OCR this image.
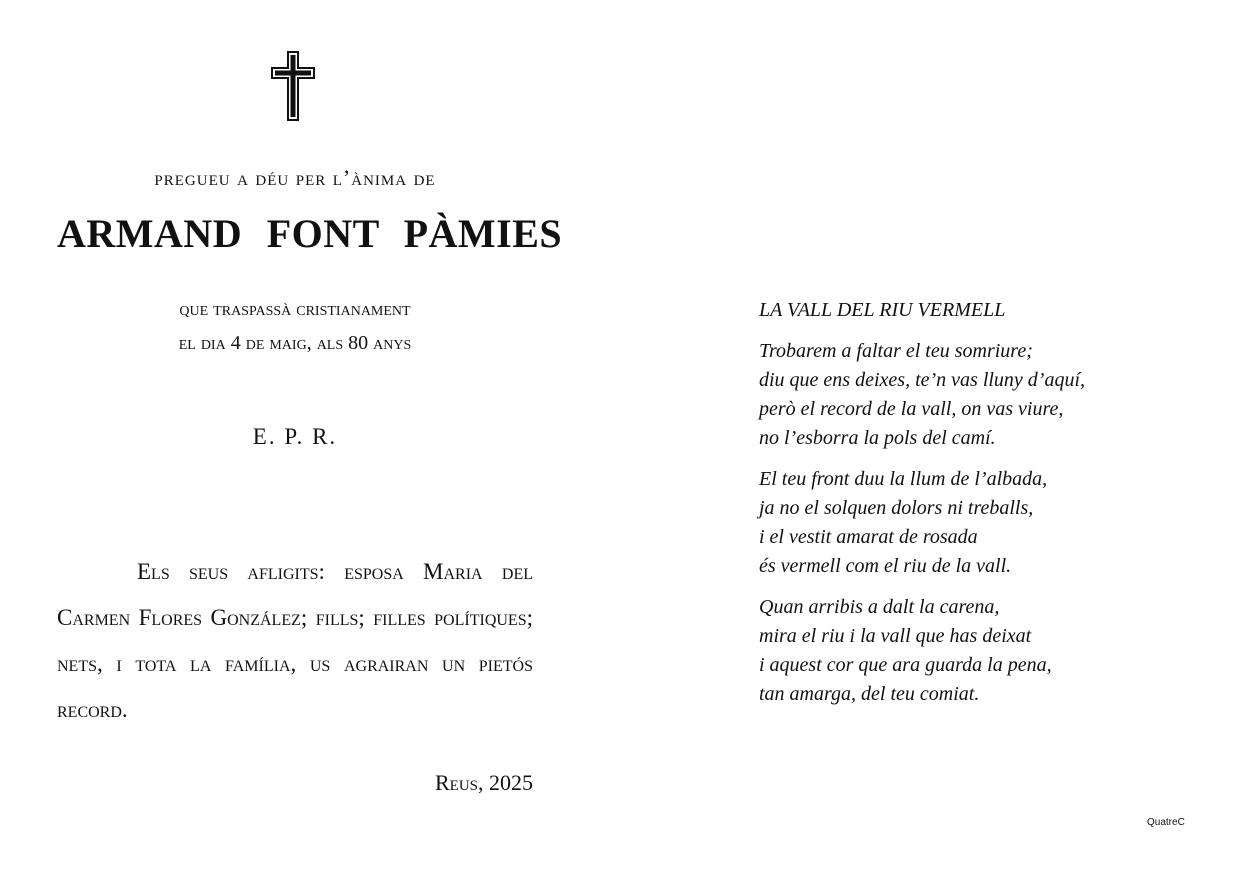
pregueu a déu per l’ànima de
ARMAND FONT PÀMIES
que traspassà cristianament
el dia 4 de maig, als 80 anys
E. P. R.
Els seus afligits: esposa Maria del Carmen Flores González; fills; filles polítiques; nets, i tota la família, us agrairan un pietós record.
Reus, 2025
LA VALL DEL RIU VERMELL
Trobarem a faltar el teu somriure;
diu que ens deixes, te’n vas lluny d’aquí,
però el record de la vall, on vas viure,
no l’esborra la pols del camí.
El teu front duu la llum de l’albada,
ja no el solquen dolors ni treballs,
i el vestit amarat de rosada
és vermell com el riu de la vall.
Quan arribis a dalt la carena,
mira el riu i la vall que has deixat
i aquest cor que ara guarda la pena,
tan amarga, del teu comiat.
QuatreC
